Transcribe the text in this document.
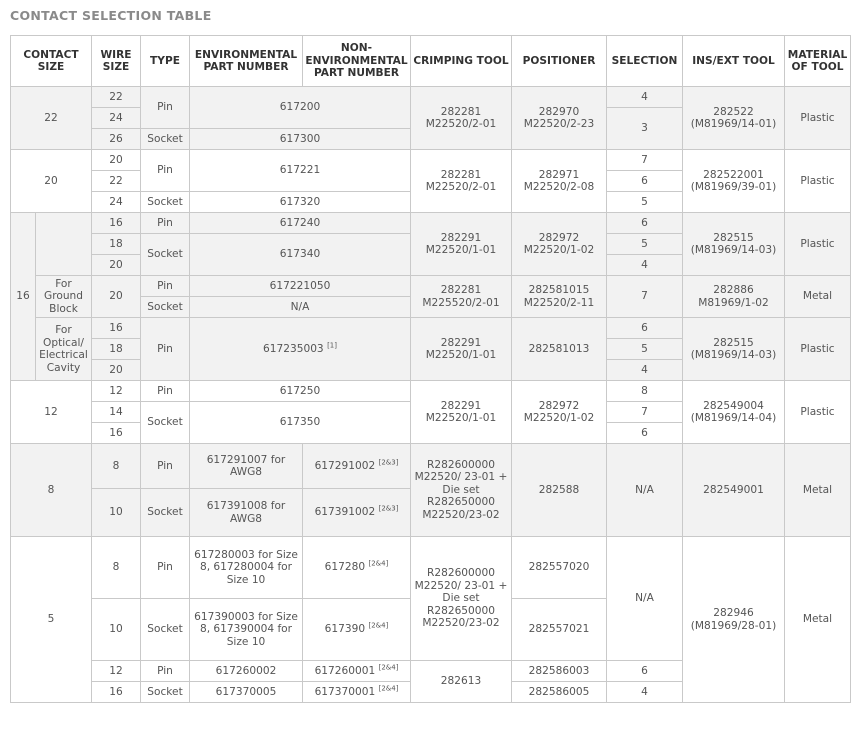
CONTACT SELECTION TABLE
CONTACT SIZE		WIRE SIZE	TYPE	ENVIRONMENTAL PART NUMBER	NON-ENVIRONMENTAL PART NUMBER	CRIMPING TOOL	POSITIONER	SELECTION	INS/EXT TOOL	MATERIAL OF TOOL
22		22	Pin	617200		282281 M22520/2-01	282970 M22520/2-23	4	282522 (M81969/14-01)	Plastic
		24						3		
		26	Socket	617300						
20		20	Pin	617221		282281 M22520/2-01	282971 M22520/2-08	7	282522001 (M81969/39-01)	Plastic
		22						6		
		24	Socket	617320				5		
16		16	Pin	617240		282291 M22520/1-01	282972 M22520/1-02	6	282515 (M81969/14-03)	Plastic
		18	Socket	617340				5		
		20						4		
	For Ground Block	20	Pin	617221050		282281 M225520/2-01	282581015 M22520/2-11	7	282886 M81969/1-02	Metal
			Socket	N/A						
	For Optical/ Electrical Cavity	16	Pin	617235003 [1]		282291 M22520/1-01	282581013	6	282515 (M81969/14-03)	Plastic
		18						5		
		20						4		
12		12	Pin	617250		282291 M22520/1-01	282972 M22520/1-02	8	282549004 (M81969/14-04)	Plastic
		14	Socket	617350				7		
		16						6		
8		8	Pin	617291007 for AWG8	617291002 [2&3]	R282600000 M22520/ 23-01 + Die set R282650000 M22520/23-02	282588	N/A	282549001	Metal
		10	Socket	617391008 for AWG8	617391002 [2&3]
5		8	Pin	617280003 for Size 8, 617280004 for Size 10	617280 [2&4]	R282600000 M22520/ 23-01 + Die set R282650000 M22520/23-02	282557020	N/A	282946 (M81969/28-01)	Metal
		10	Socket	617390003 for Size 8, 617390004 for Size 10	617390 [2&4]		282557021			
		12	Pin	617260002	617260001 [2&4]	282613	282586003	6		
		16	Socket	617370005	617370001 [2&4]		282586005	4		
